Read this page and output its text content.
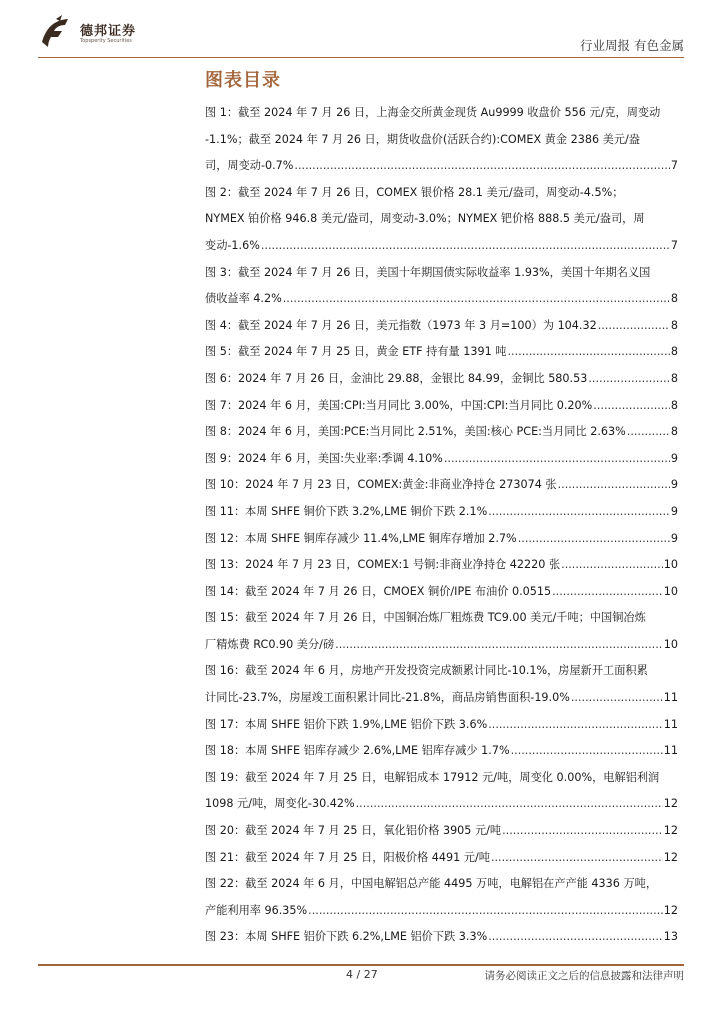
德邦证券
Topsperity Securities	行业周报 有色金属
图表目录
图 1：截至 2024 年 7 月 26 日，上海金交所黄金现货 Au9999 收盘价 556 元/克，周变动
-1.1%；截至 2024 年 7 月 26 日，期货收盘价(活跃合约):COMEX 黄金 2386 美元/盎
司，周变动-0.7% .....	7
图 2：截至 2024 年 7 月 26 日，COMEX 银价格 28.1 美元/盎司，周变动-4.5%；
NYMEX 铂价格 946.8 美元/盎司，周变动-3.0%；NYMEX 钯价格 888.5 美元/盎司，周
变动-1.6% .....	7
图 3：截至 2024 年 7 月 26 日，美国十年期国债实际收益率 1.93%，美国十年期名义国
债收益率 4.2% .....	8
图 4：截至 2024 年 7 月 26 日，美元指数（1973 年 3 月=100）为 104.32 .....	8
图 5：截至 2024 年 7 月 25 日，黄金 ETF 持有量 1391 吨 .....	8
图 6：2024 年 7 月 26 日，金油比 29.88，金银比 84.99，金铜比 580.53 .....	8
图 7：2024 年 6 月，美国:CPI:当月同比 3.00%，中国:CPI:当月同比 0.20% .....	8
图 8：2024 年 6 月，美国:PCE:当月同比 2.51%，美国:核心 PCE:当月同比 2.63% .....	8
图 9：2024 年 6 月，美国:失业率:季调 4.10% .....	9
图 10：2024 年 7 月 23 日，COMEX:黄金:非商业净持仓 273074 张 .....	9
图 11：本周 SHFE 铜价下跌 3.2%,LME 铜价下跌 2.1% .....	9
图 12：本周 SHFE 铜库存减少 11.4%,LME 铜库存增加 2.7% .....	9
图 13：2024 年 7 月 23 日，COMEX:1 号铜:非商业净持仓 42220 张 .....	10
图 14：截至 2024 年 7 月 26 日，CMOEX 铜价/IPE 布油价 0.0515 .....	10
图 15：截至 2024 年 7 月 26 日，中国铜冶炼厂粗炼费 TC9.00 美元/千吨；中国铜冶炼
厂精炼费 RC0.90 美分/磅 .....	10
图 16：截至 2024 年 6 月，房地产开发投资完成额累计同比-10.1%，房屋新开工面积累
计同比-23.7%，房屋竣工面积累计同比-21.8%，商品房销售面积-19.0% .....	11
图 17：本周 SHFE 铝价下跌 1.9%,LME 铝价下跌 3.6% .....	11
图 18：本周 SHFE 铝库存减少 2.6%,LME 铝库存减少 1.7% .....	11
图 19：截至 2024 年 7 月 25 日，电解铝成本 17912 元/吨，周变化 0.00%，电解铝利润
1098 元/吨，周变化-30.42% .....	12
图 20：截至 2024 年 7 月 25 日，氧化铝价格 3905 元/吨 .....	12
图 21：截至 2024 年 7 月 25 日，阳极价格 4491 元/吨 .....	12
图 22：截至 2024 年 6 月，中国电解铝总产能 4495 万吨，电解铝在产产能 4336 万吨，
产能利用率 96.35% .....	12
图 23：本周 SHFE 铝价下跌 6.2%,LME 铝价下跌 3.3% .....	13
4 / 27	请务必阅读正文之后的信息披露和法律声明
